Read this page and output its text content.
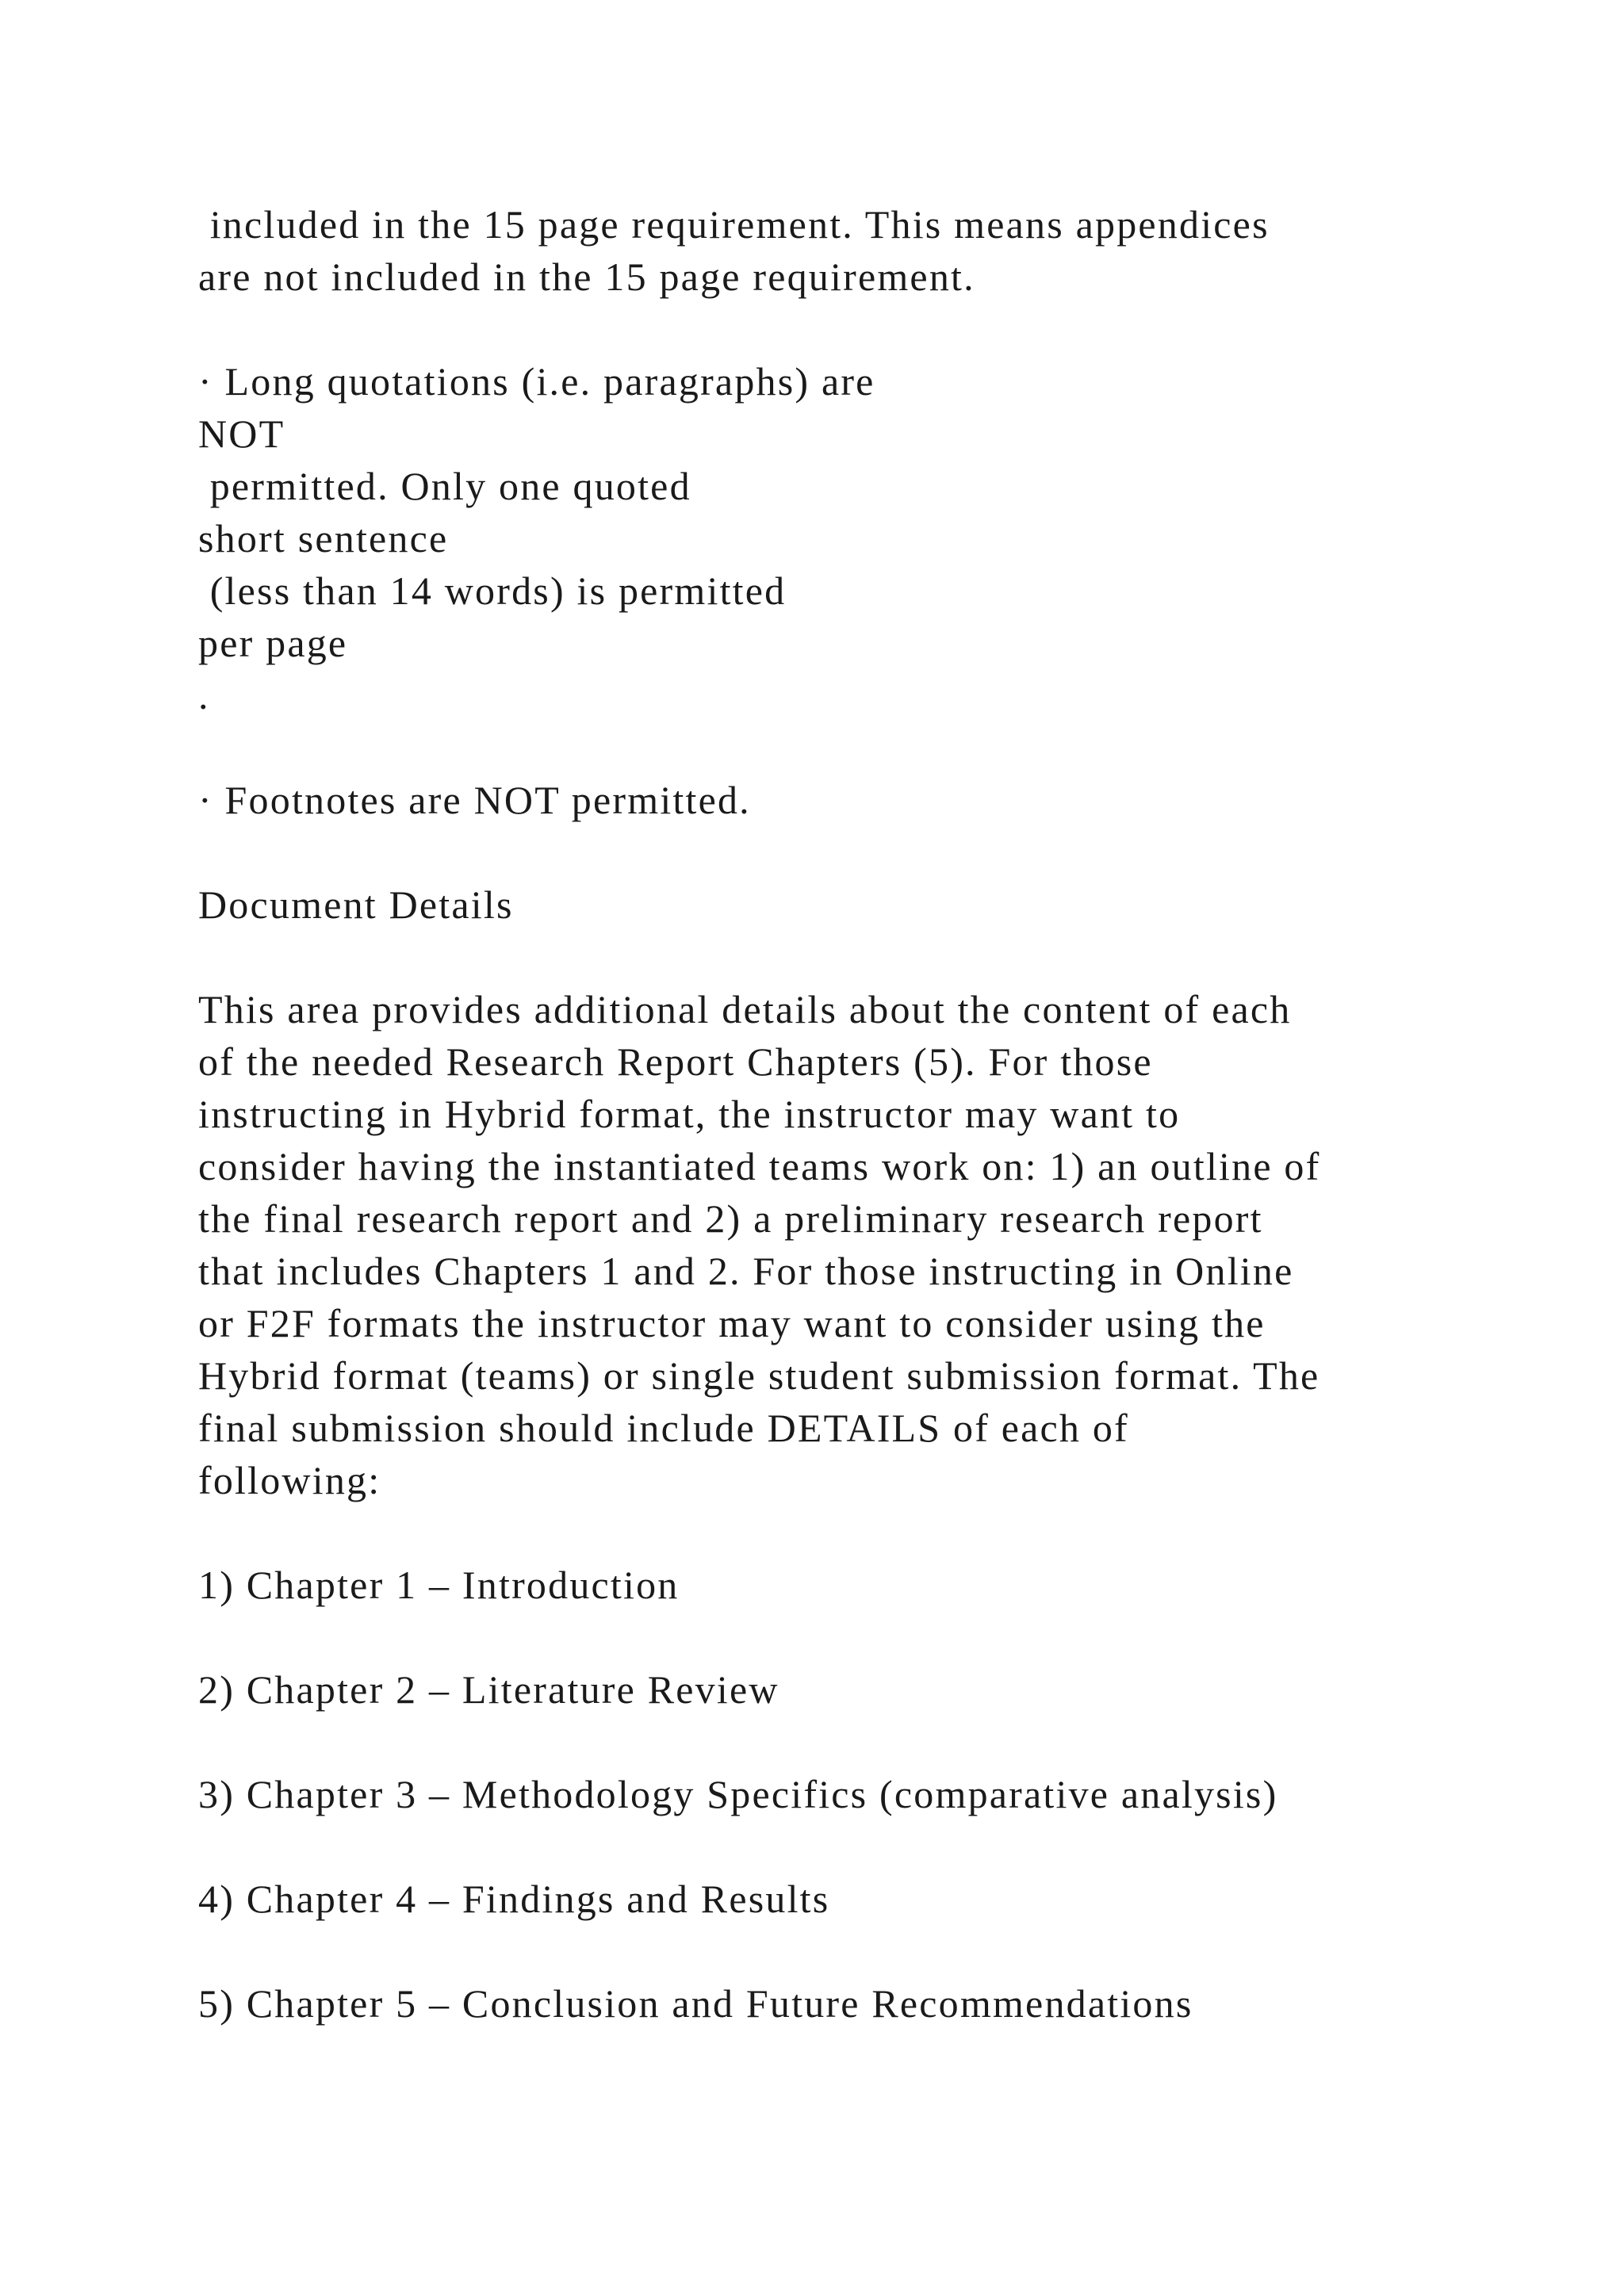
included in the 15 page requirement. This means appendices

are not included in the 15 page requirement.

· Long quotations (i.e. paragraphs) are

NOT

permitted. Only one quoted

short sentence

(less than 14 words) is permitted

per page

.

· Footnotes are NOT permitted.

Document Details

This area provides additional details about the content of each

of the needed Research Report Chapters (5). For those

instructing in Hybrid format, the instructor may want to

consider having the instantiated teams work on: 1) an outline of

the final research report and 2) a preliminary research report

that includes Chapters 1 and 2. For those instructing in Online

or F2F formats the instructor may want to consider using the

Hybrid format (teams) or single student submission format. The

final submission should include DETAILS of each of

following:

1) Chapter 1 – Introduction

2) Chapter 2 – Literature Review

3) Chapter 3 – Methodology Specifics (comparative analysis)

4) Chapter 4 – Findings and Results

5) Chapter 5 – Conclusion and Future Recommendations
